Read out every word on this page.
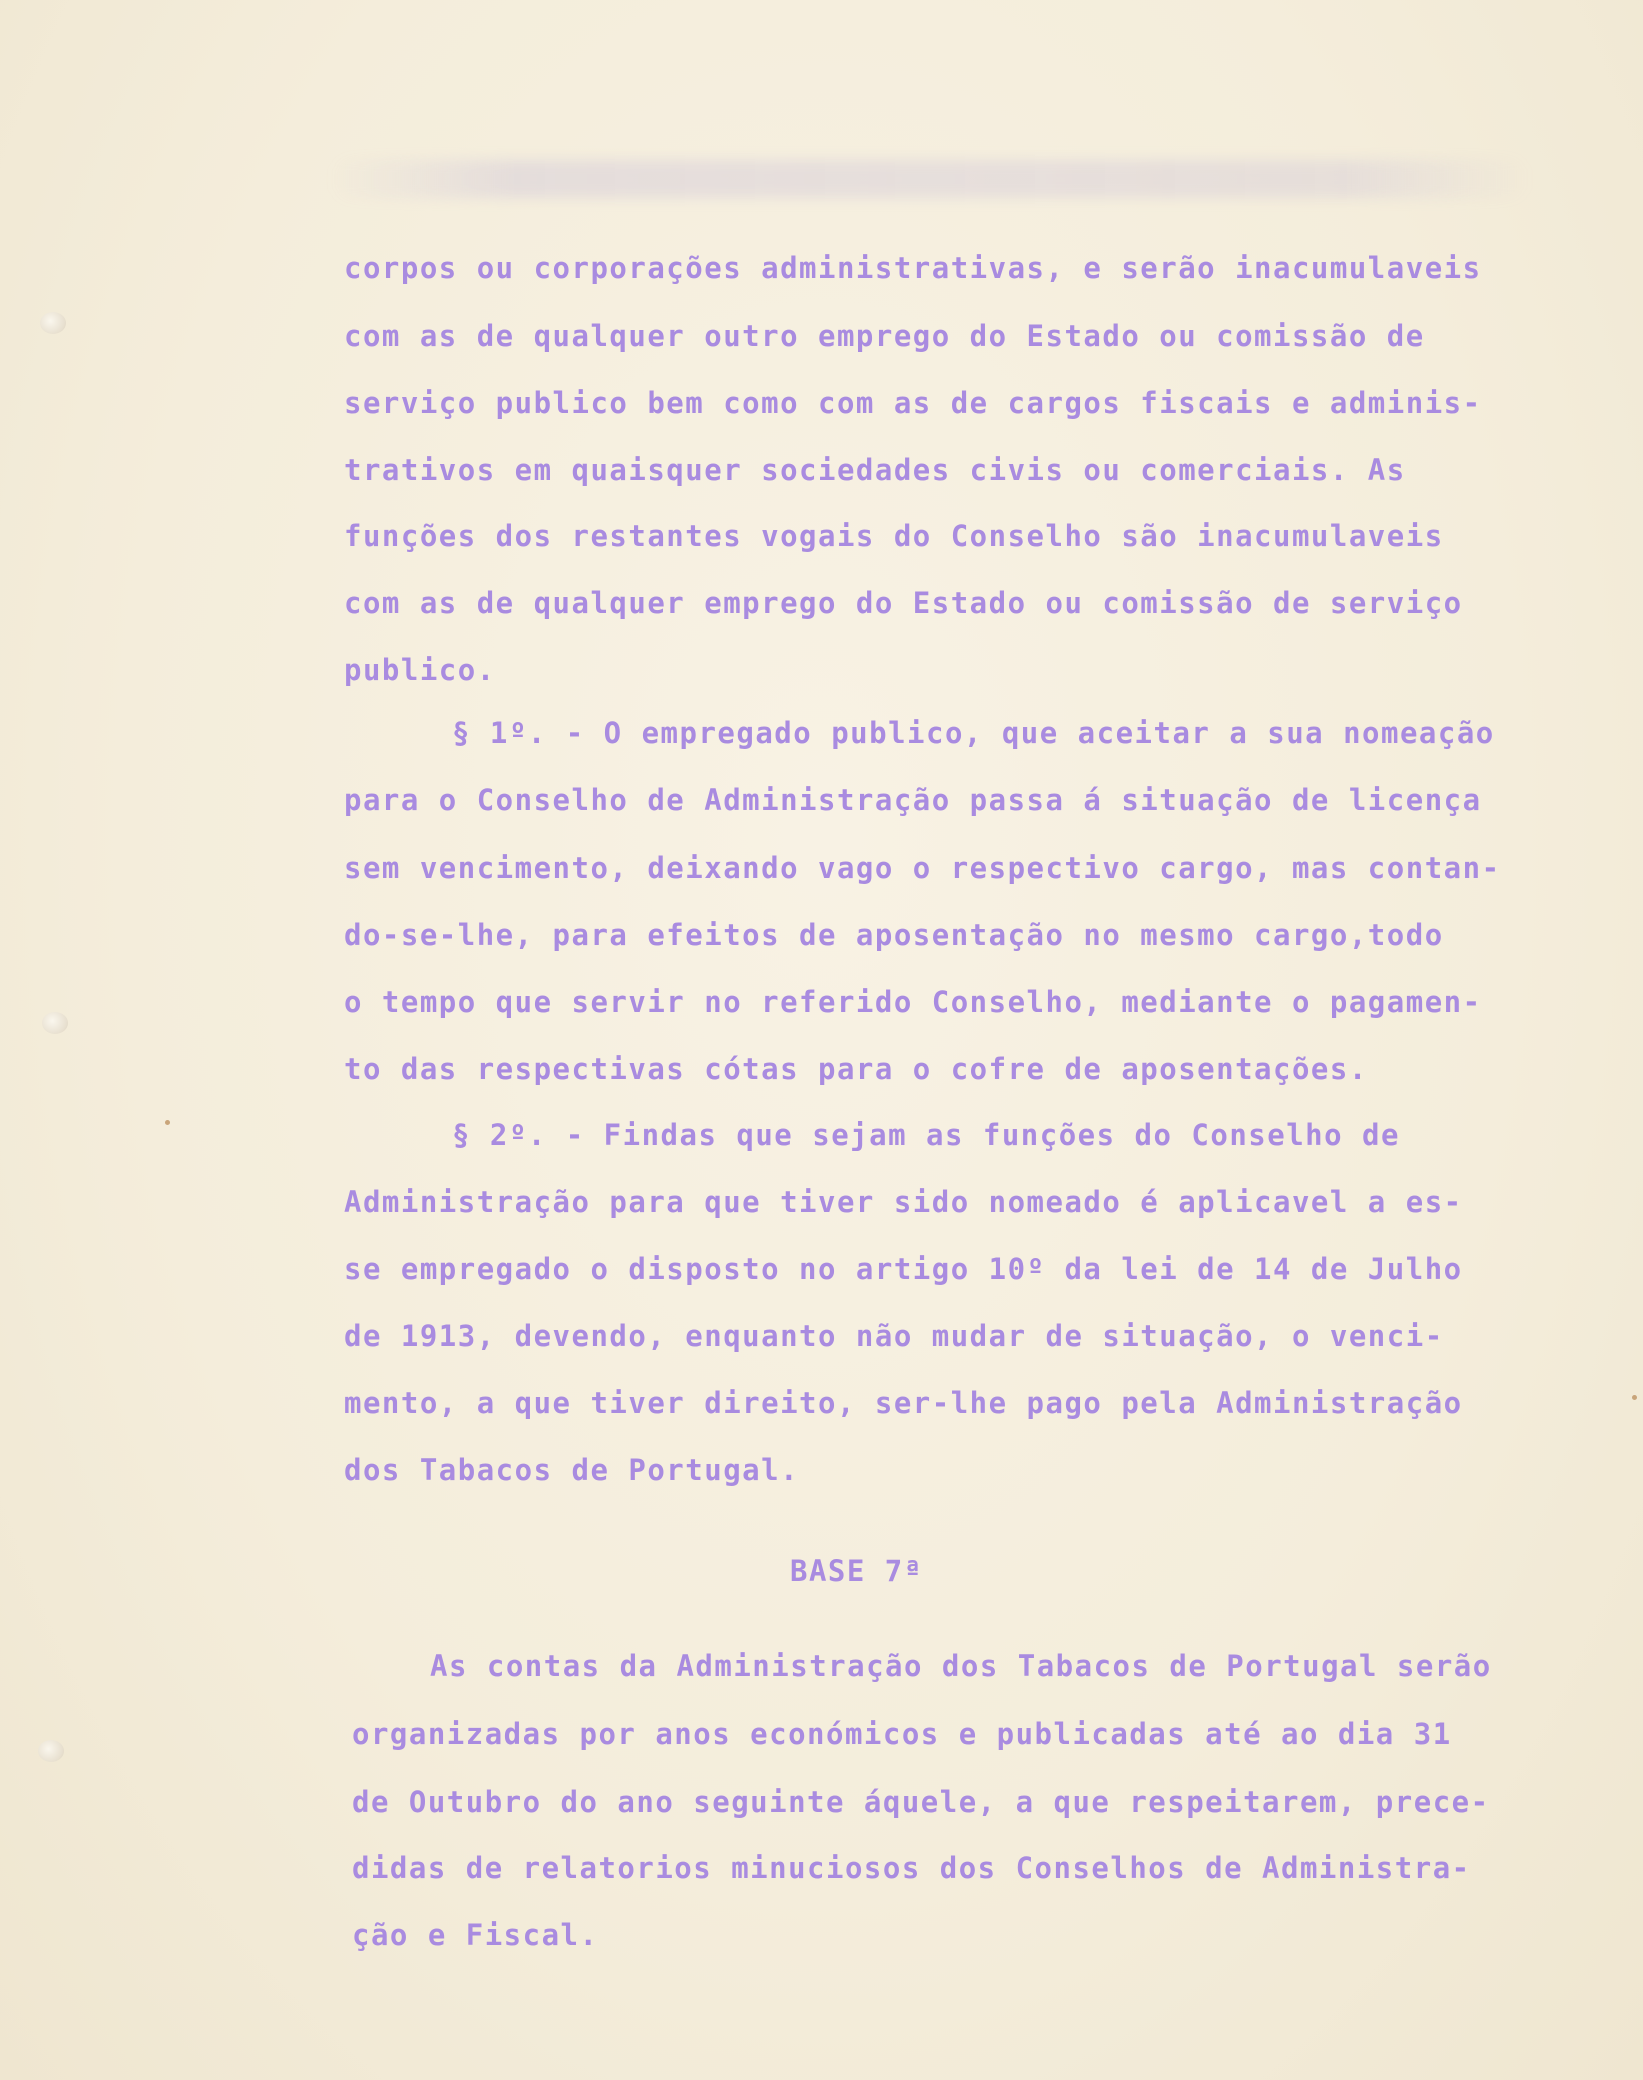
corpos ou corporações administrativas, e serão inacumulaveis
com as de qualquer outro emprego do Estado ou comissão de
serviço publico bem como com as de cargos fiscais e adminis-
trativos em quaisquer sociedades civis ou comerciais. As
funções dos restantes vogais do Conselho são inacumulaveis
com as de qualquer emprego do Estado ou comissão de serviço
publico.
§ 1º. - O empregado publico, que aceitar a sua nomeação
para o Conselho de Administração passa á situação de licença
sem vencimento, deixando vago o respectivo cargo, mas contan-
do-se-lhe, para efeitos de aposentação no mesmo cargo,todo
o tempo que servir no referido Conselho, mediante o pagamen-
to das respectivas cótas para o cofre de aposentações.
§ 2º. - Findas que sejam as funções do Conselho de
Administração para que tiver sido nomeado é aplicavel a es-
se empregado o disposto no artigo 10º da lei de 14 de Julho
de 1913, devendo, enquanto não mudar de situação, o venci-
mento, a que tiver direito, ser-lhe pago pela Administração
dos Tabacos de Portugal.
BASE 7ª
As contas da Administração dos Tabacos de Portugal serão
organizadas por anos económicos e publicadas até ao dia 31
de Outubro do ano seguinte áquele, a que respeitarem, prece-
didas de relatorios minuciosos dos Conselhos de Administra-
ção e Fiscal.
